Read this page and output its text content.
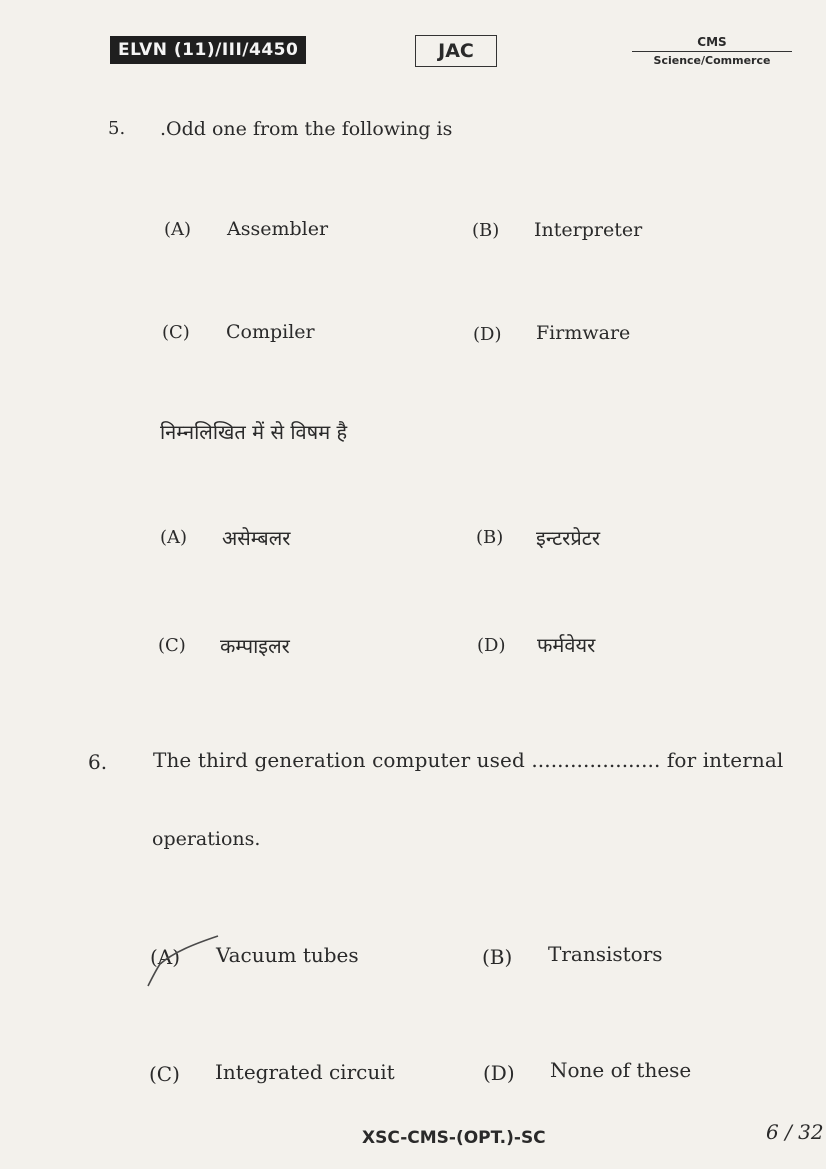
ELVN (11)/III/4450	JAC	CMS
Science/Commerce
5. .Odd one from the following is
(A) Assembler	(B) Interpreter
(C) Compiler	(D) Firmware
निम्नलिखित में से विषम है
(A) असेम्बलर	(B) इन्टरप्रेटर
(C) कम्पाइलर	(D) फर्मवेयर
6. The third generation computer used .................... for internal
operations.
(A) Vacuum tubes	(B) Transistors
(C) Integrated circuit	(D) None of these
XSC-CMS-(OPT.)-SC	6 / 32
